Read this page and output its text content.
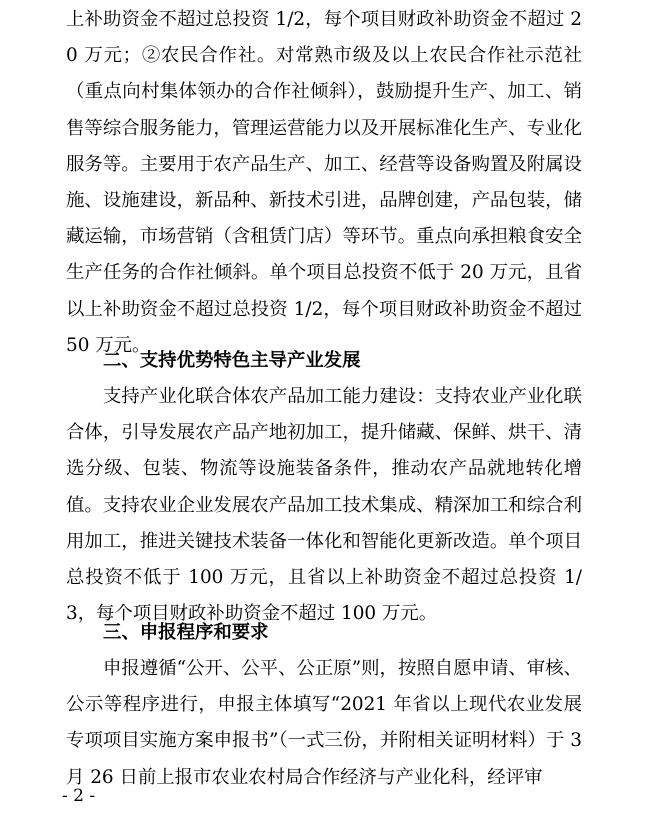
上补助资金不超过总投资 1/2，每个项目财政补助资金不超过 20 万元；②农民合作社。对常熟市级及以上农民合作社示范社（重点向村集体领办的合作社倾斜），鼓励提升生产、加工、销售等综合服务能力，管理运营能力以及开展标准化生产、专业化服务等。主要用于农产品生产、加工、经营等设备购置及附属设施、设施建设，新品种、新技术引进，品牌创建，产品包装，储藏运输，市场营销（含租赁门店）等环节。重点向承担粮食安全生产任务的合作社倾斜。单个项目总投资不低于 20 万元，且省以上补助资金不超过总投资 1/2，每个项目财政补助资金不超过 50 万元。

二、支持优势特色主导产业发展

支持产业化联合体农产品加工能力建设：支持农业产业化联合体，引导发展农产品产地初加工，提升储藏、保鲜、烘干、清选分级、包装、物流等设施装备条件，推动农产品就地转化增值。支持农业企业发展农产品加工技术集成、精深加工和综合利用加工，推进关键技术装备一体化和智能化更新改造。单个项目总投资不低于 100 万元，且省以上补助资金不超过总投资 1/3，每个项目财政补助资金不超过 100 万元。

三、申报程序和要求

申报遵循“公开、公平、公正原”则，按照自愿申请、审核、公示等程序进行，申报主体填写“2021 年省以上现代农业发展专项项目实施方案申报书”（一式三份，并附相关证明材料）于 3 月 26 日前上报市农业农村局合作经济与产业化科，经评审

- 2 -
